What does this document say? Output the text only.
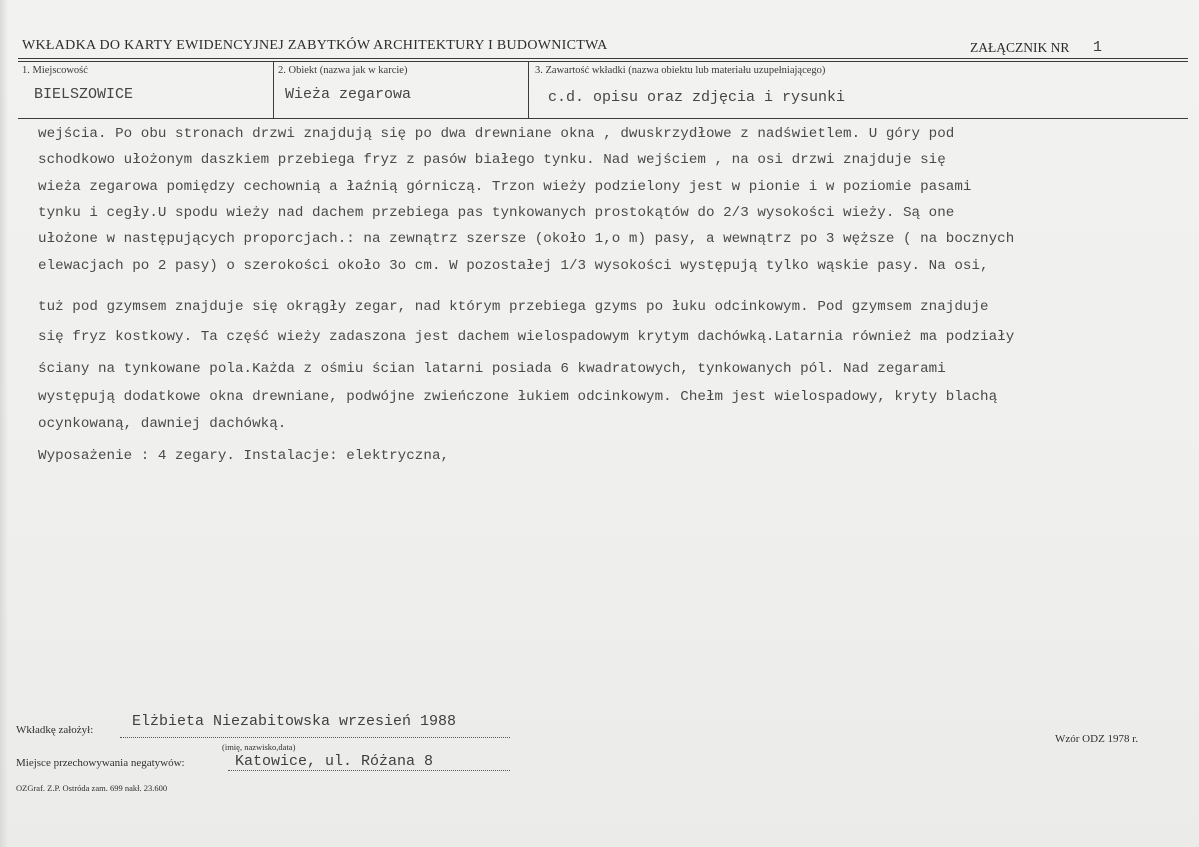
WKŁADKA DO KARTY EWIDENCYJNEJ ZABYTKÓW ARCHITEKTURY I BUDOWNICTWA	ZAŁĄCZNIK NR 1
1. Miejscowość
BIELSZOWICE
2. Obiekt (nazwa jak w karcie)
Wieża zegarowa
3. Zawartość wkładki (nazwa obiektu lub materiału uzupełniającego)
c.d. opisu oraz zdjęcia i rysunki
wejścia. Po obu stronach drzwi znajdują się po dwa drewniane okna , dwuskrzydłowe z nadświetlem. U góry pod
schodkowo ułożonym daszkiem przebiega fryz z pasów białego tynku. Nad wejściem , na osi drzwi znajduje się
wieża zegarowa pomiędzy cechownią a łaźnią górniczą. Trzon wieży podzielony jest w pionie i w poziomie pasami
tynku i cegły.U spodu wieży nad dachem przebiega pas tynkowanych prostokątów do 2/3 wysokości wieży. Są one
ułożone w następujących proporcjach.: na zewnątrz szersze (około 1,o m) pasy, a wewnątrz po 3 węższe ( na bocznych
elewacjach po 2 pasy) o szerokości około 3o cm. W pozostałej 1/3 wysokości występują tylko wąskie pasy. Na osi,
tuż pod gzymsem znajduje się okrągły zegar, nad którym przebiega gzyms po łuku odcinkowym. Pod gzymsem znajduje
się fryz kostkowy. Ta część wieży zadaszona jest dachem wielospadowym krytym dachówką.Latarnia również ma podziały
ściany na tynkowane pola.Każda z ośmiu ścian latarni posiada 6 kwadratowych, tynkowanych pól. Nad zegarami
występują dodatkowe okna drewniane, podwójne zwieńczone łukiem odcinkowym. Chełm jest wielospadowy, kryty blachą
ocynkowaną, dawniej dachówką.
Wyposażenie : 4 zegary. Instalacje: elektryczna,
Wkładkę założył:	Elżbieta Niezabitowska wrzesień 1988
(imię, nazwisko,data)
Miejsce przechowywania negatywów:	Katowice, ul. Różana 8
OZGraf. Z.P. Ostróda zam. 699 nakł. 23.600
Wzór ODZ 1978 r.
